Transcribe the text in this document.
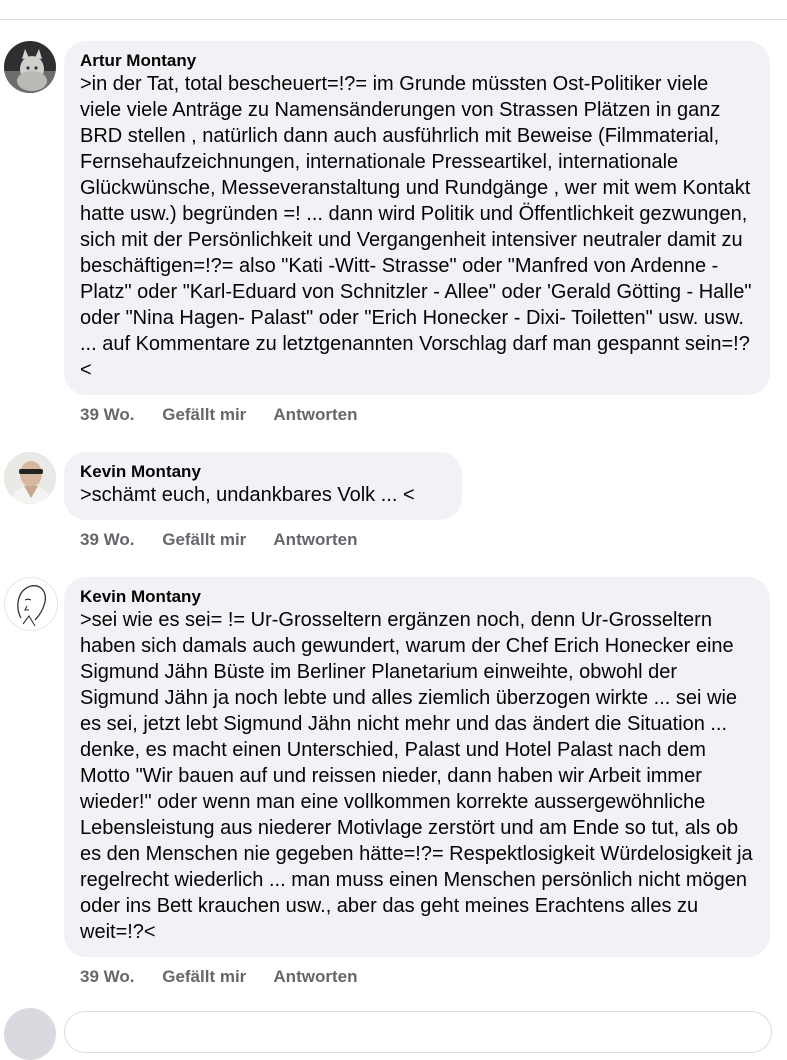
Artur Montany
>in der Tat, total bescheuert=!?= im Grunde müssten Ost-Politiker viele viele viele Anträge zu Namensänderungen von Strassen Plätzen in ganz BRD stellen , natürlich dann auch ausführlich mit Beweise (Filmmaterial, Fernsehaufzeichnungen, internationale Presseartikel, internationale Glückwünsche, Messeveranstaltung und Rundgänge , wer mit wem Kontakt hatte usw.) begründen =! ... dann wird Politik und Öffentlichkeit gezwungen, sich mit der Persönlichkeit und Vergangenheit intensiver neutraler damit zu beschäftigen=!?= also "Kati -Witt- Strasse" oder "Manfred von Ardenne - Platz" oder "Karl-Eduard von Schnitzler - Allee" oder 'Gerald Götting - Halle" oder "Nina Hagen- Palast" oder "Erich Honecker - Dixi- Toiletten" usw. usw. ... auf Kommentare zu letztgenannten Vorschlag darf man gespannt sein=!?<
39 Wo. Gefällt mir Antworten
Kevin Montany
>schämt euch, undankbares Volk ... <
39 Wo. Gefällt mir Antworten
Kevin Montany
>sei wie es sei= != Ur-Grosseltern ergänzen noch, denn Ur-Grosseltern haben sich damals auch gewundert, warum der Chef Erich Honecker eine Sigmund Jähn Büste im Berliner Planetarium einweihte, obwohl der Sigmund Jähn ja noch lebte und alles ziemlich überzogen wirkte ... sei wie es sei, jetzt lebt Sigmund Jähn nicht mehr und das ändert die Situation ... denke, es macht einen Unterschied, Palast und Hotel Palast nach dem Motto "Wir bauen auf und reissen nieder, dann haben wir Arbeit immer wieder!" oder wenn man eine vollkommen korrekte aussergewöhnliche Lebensleistung aus niederer Motivlage zerstört und am Ende so tut, als ob es den Menschen nie gegeben hätte=!?= Respektlosigkeit Würdelosigkeit ja regelrecht wiederlich ... man muss einen Menschen persönlich nicht mögen oder ins Bett krauchen usw., aber das geht meines Erachtens alles zu weit=!?<
39 Wo. Gefällt mir Antworten
